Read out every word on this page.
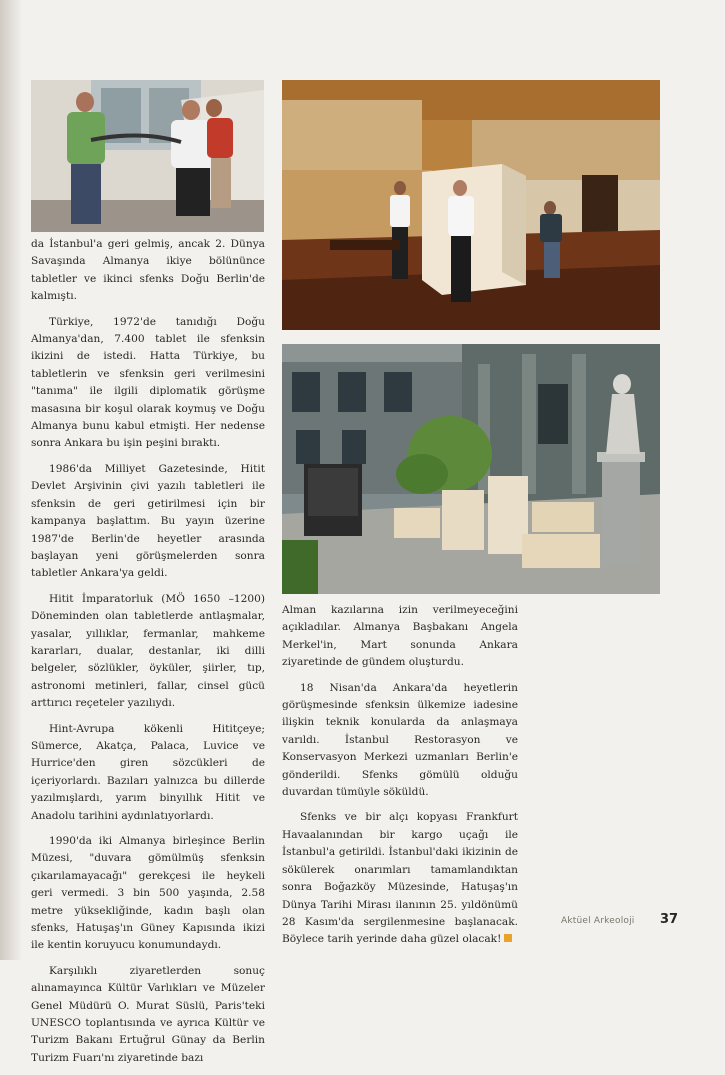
da İstanbul'a geri gelmiş, ancak 2. Dünya Savaşında Almanya ikiye bölününce tabletler ve ikinci sfenks Doğu Berlin'de kalmıştı.

Türkiye, 1972'de tanıdığı Doğu Almanya'dan, 7.400 tablet ile sfenksin ikizini de istedi. Hatta Türkiye, bu tabletlerin ve sfenksin geri verilmesini "tanıma" ile ilgili diplomatik görüşme masasına bir koşul olarak koymuş ve Doğu Almanya bunu kabul etmişti. Her nedense sonra Ankara bu işin peşini bıraktı.

1986'da Milliyet Gazetesinde, Hitit Devlet Arşivinin çivi yazılı tabletleri ile sfenksin de geri getirilmesi için bir kampanya başlattım. Bu yayın üzerine 1987'de Berlin'de heyetler arasında başlayan yeni görüşmelerden sonra tabletler Ankara'ya geldi.

Hitit İmparatorluk (MÖ 1650 –1200) Döneminden olan tabletlerde antlaşmalar, yasalar, yıllıklar, fermanlar, mahkeme kararları, dualar, destanlar, iki dilli belgeler, sözlükler, öyküler, şiirler, tıp, astronomi metinleri, fallar, cinsel gücü arttırıcı reçeteler yazılıydı.

Hint-Avrupa kökenli Hititçeye; Sümerce, Akatça, Palaca, Luvice ve Hurrice'den giren sözcükleri de içeriyorlardı. Bazıları yalnızca bu dillerde yazılmışlardı, yarım binyıllık Hitit ve Anadolu tarihini aydınlatıyorlardı.

1990'da iki Almanya birleşince Berlin Müzesi, "duvara gömülmüş sfenksin çıkarılamayacağı" gerekçesi ile heykeli geri vermedi. 3 bin 500 yaşında, 2.58 metre yüksekliğinde, kadın başlı olan sfenks, Hatuşaş'ın Güney Kapısında ikizi ile kentin koruyucu konumundaydı.

Karşılıklı ziyaretlerden sonuç alınamayınca Kültür Varlıkları ve Müzeler Genel Müdürü O. Murat Süslü, Paris'teki UNESCO toplantısında ve ayrıca Kültür ve Turizm Bakanı Ertuğrul Günay da Berlin Turizm Fuarı'nı ziyaretinde bazı

Alman kazılarına izin verilmeyeceğini açıkladılar. Almanya Başbakanı Angela Merkel'in, Mart sonunda Ankara ziyaretinde de gündem oluşturdu.

18 Nisan'da Ankara'da heyetlerin görüşmesinde sfenksin ülkemize iadesine ilişkin teknik konularda da anlaşmaya varıldı. İstanbul Restorasyon ve Konservasyon Merkezi uzmanları Berlin'e gönderildi. Sfenks gömülü olduğu duvardan tümüyle söküldü.

Sfenks ve bir alçı kopyası Frankfurt Havaalanından bir kargo uçağı ile İstanbul'a getirildi. İstanbul'daki ikizinin de sökülerek onarımları tamamlandıktan sonra Boğazköy Müzesinde, Hatuşaş'ın Dünya Tarihi Mirası ilanının 25. yıldönümü 28 Kasım'da sergilenmesine başlanacak. Böylece tarih yerinde daha güzel olacak!

Aktüel Arkeoloji 37
